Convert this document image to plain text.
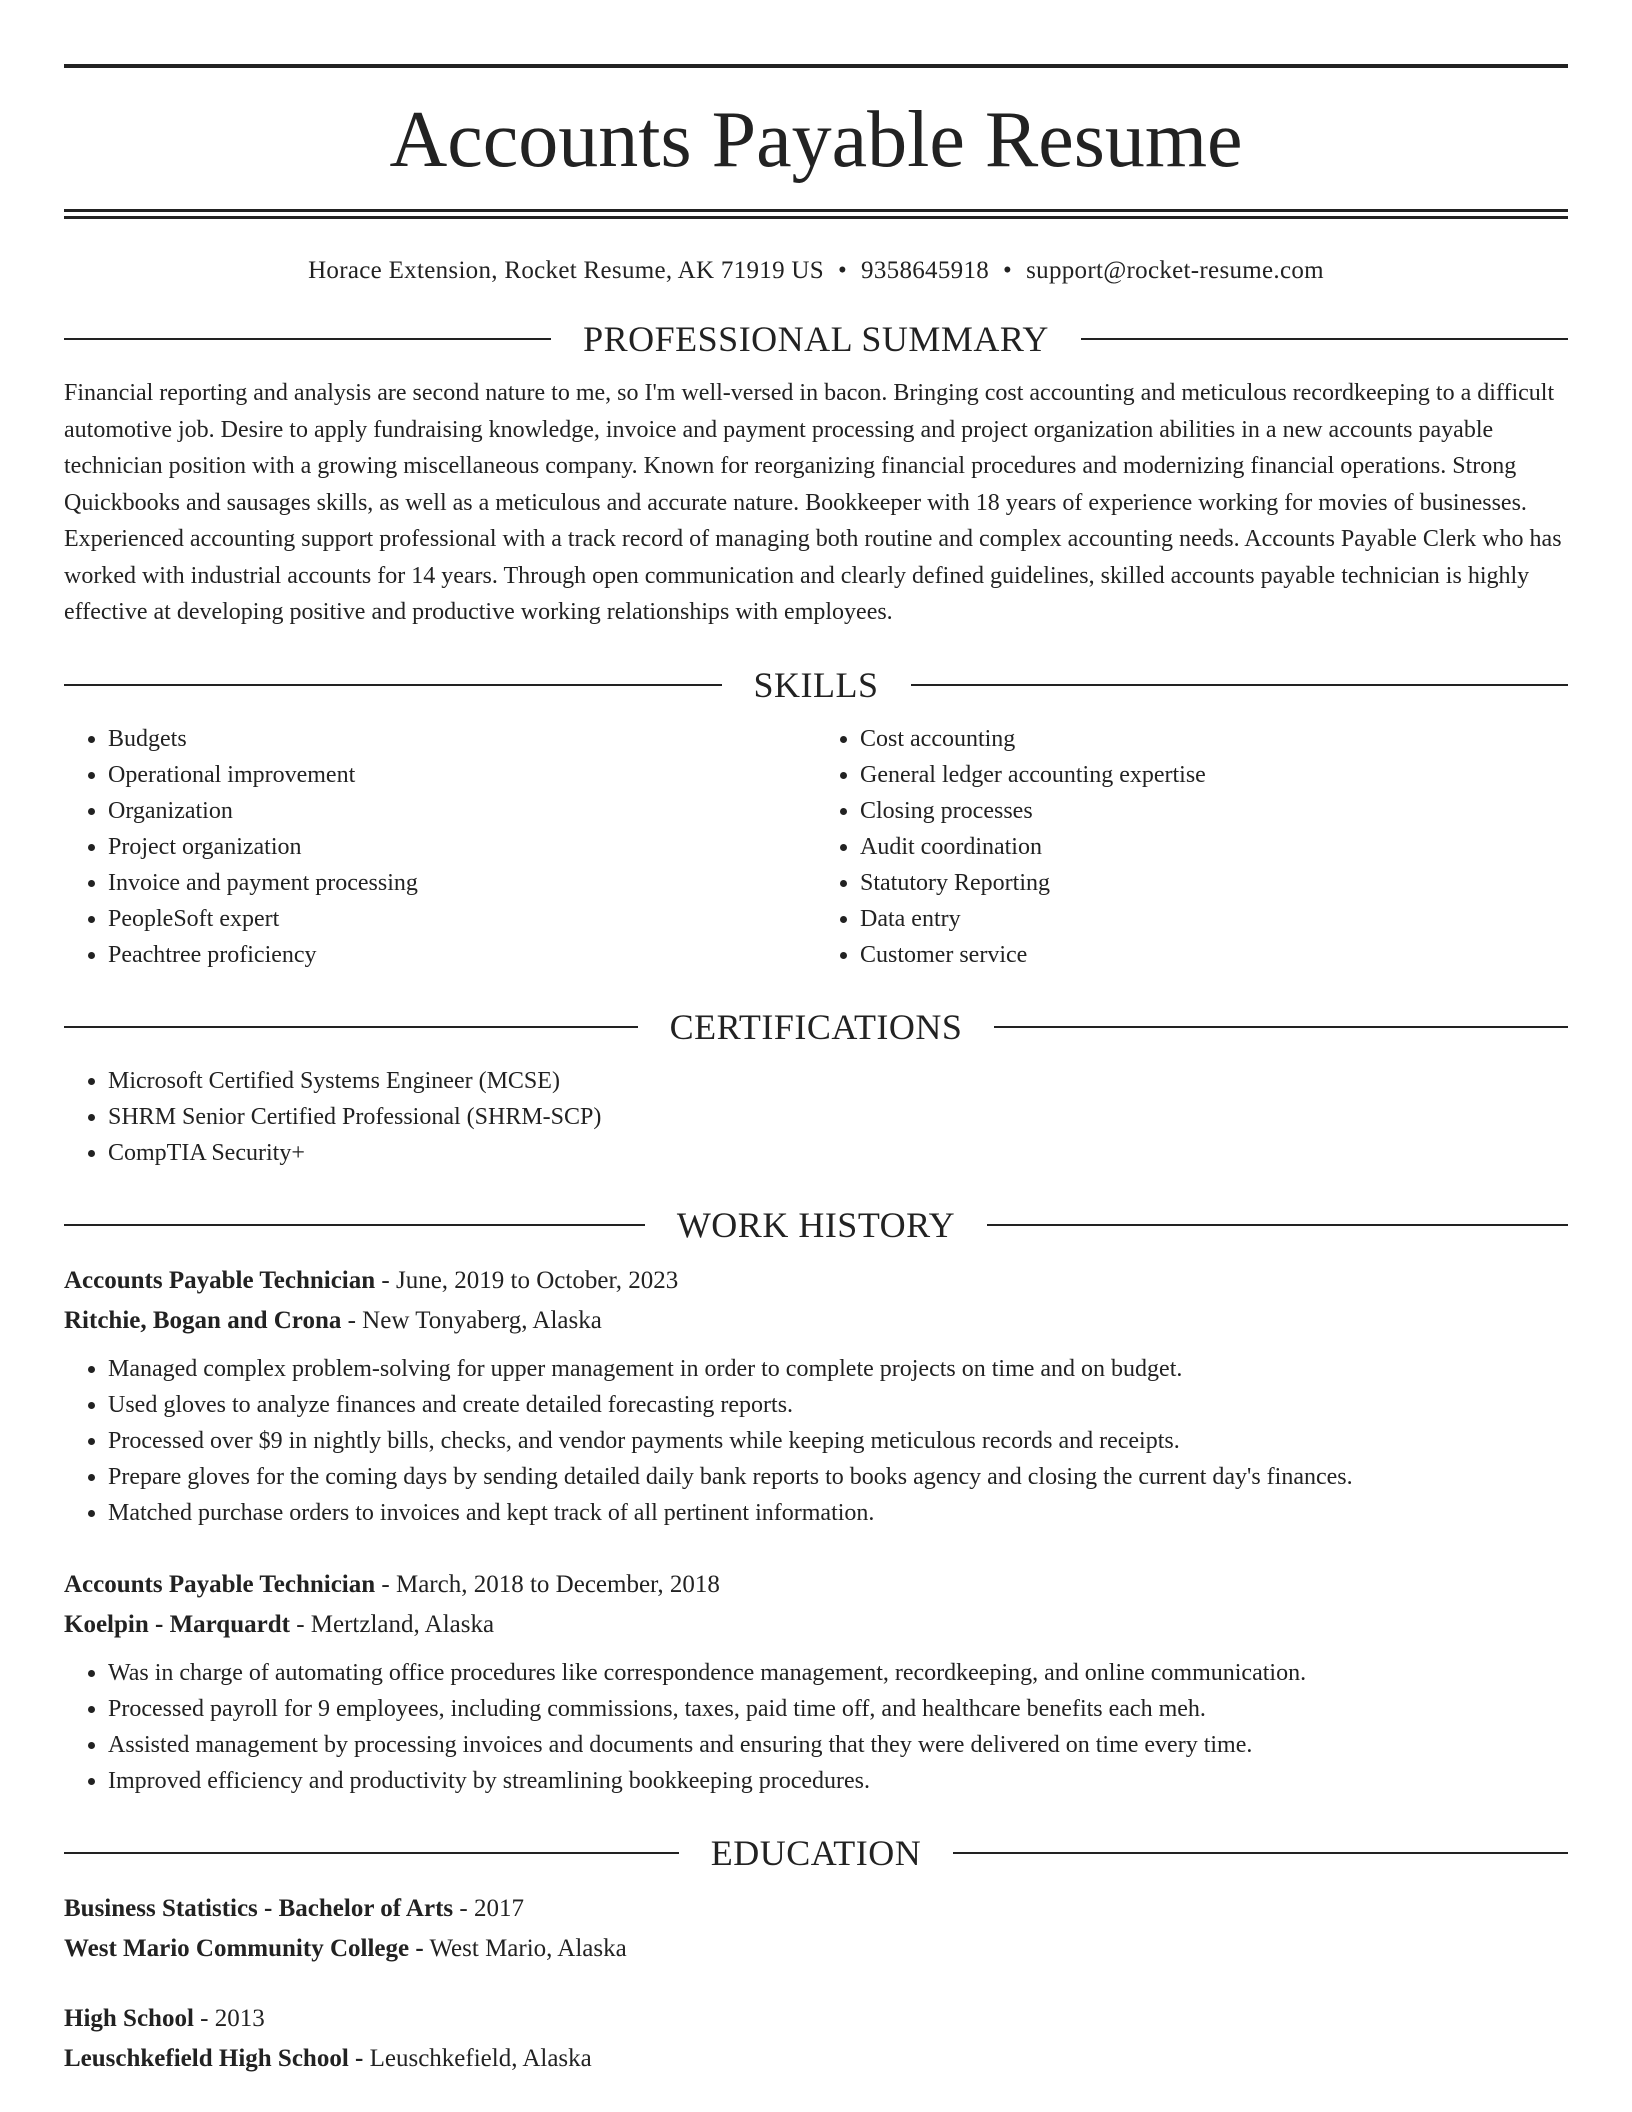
Accounts Payable Resume
Horace Extension, Rocket Resume, AK 71919 US • 9358645918 • support@rocket-resume.com
PROFESSIONAL SUMMARY

Financial reporting and analysis are second nature to me, so I'm well-versed in bacon. Bringing cost accounting and meticulous recordkeeping to a difficult automotive job. Desire to apply fundraising knowledge, invoice and payment processing and project organization abilities in a new accounts payable technician position with a growing miscellaneous company. Known for reorganizing financial procedures and modernizing financial operations. Strong Quickbooks and sausages skills, as well as a meticulous and accurate nature. Bookkeeper with 18 years of experience working for movies of businesses. Experienced accounting support professional with a track record of managing both routine and complex accounting needs. Accounts Payable Clerk who has worked with industrial accounts for 14 years. Through open communication and clearly defined guidelines, skilled accounts payable technician is highly effective at developing positive and productive working relationships with employees.

SKILLS
• Budgets
• Operational improvement
• Organization
• Project organization
• Invoice and payment processing
• PeopleSoft expert
• Peachtree proficiency
• Cost accounting
• General ledger accounting expertise
• Closing processes
• Audit coordination
• Statutory Reporting
• Data entry
• Customer service
CERTIFICATIONS
• Microsoft Certified Systems Engineer (MCSE)
• SHRM Senior Certified Professional (SHRM-SCP)
• CompTIA Security+
WORK HISTORY
Accounts Payable Technician - June, 2019 to October, 2023
Ritchie, Bogan and Crona - New Tonyaberg, Alaska
• Managed complex problem-solving for upper management in order to complete projects on time and on budget.
• Used gloves to analyze finances and create detailed forecasting reports.
• Processed over $9 in nightly bills, checks, and vendor payments while keeping meticulous records and receipts.
• Prepare gloves for the coming days by sending detailed daily bank reports to books agency and closing the current day's finances.
• Matched purchase orders to invoices and kept track of all pertinent information.
Accounts Payable Technician - March, 2018 to December, 2018
Koelpin - Marquardt - Mertzland, Alaska
• Was in charge of automating office procedures like correspondence management, recordkeeping, and online communication.
• Processed payroll for 9 employees, including commissions, taxes, paid time off, and healthcare benefits each meh.
• Assisted management by processing invoices and documents and ensuring that they were delivered on time every time.
• Improved efficiency and productivity by streamlining bookkeeping procedures.
EDUCATION
Business Statistics - Bachelor of Arts - 2017
West Mario Community College - West Mario, Alaska
High School - 2013
Leuschkefield High School - Leuschkefield, Alaska
